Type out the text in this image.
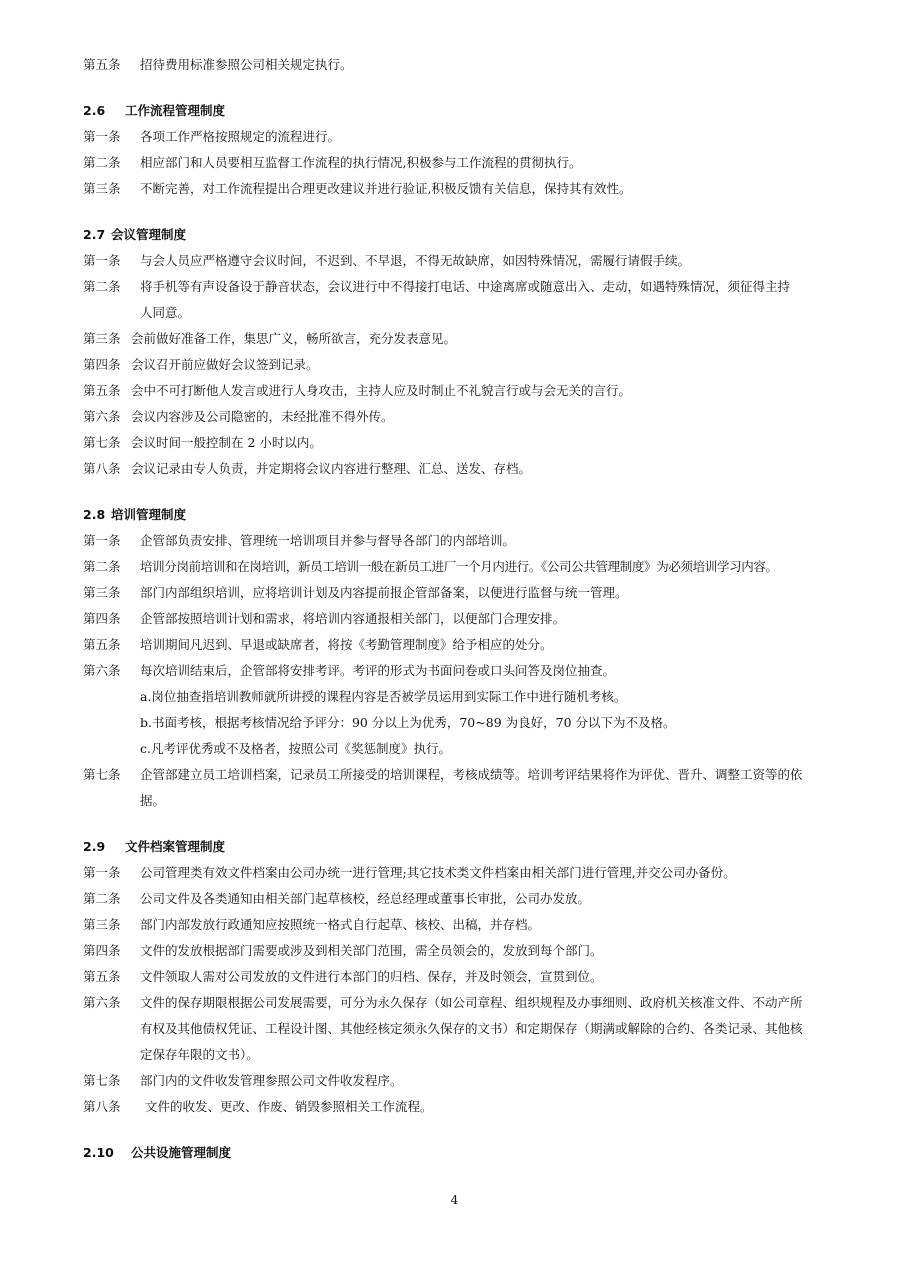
第五条	招待费用标准参照公司相关规定执行。
2.6 工作流程管理制度
第一条	各项工作严格按照规定的流程进行。
第二条	相应部门和人员要相互监督工作流程的执行情况,积极参与工作流程的贯彻执行。
第三条	不断完善，对工作流程提出合理更改建议并进行验证,积极反馈有关信息，保持其有效性。
2.7 会议管理制度
第一条	与会人员应严格遵守会议时间，不迟到、不早退，不得无故缺席，如因特殊情况，需履行请假手续。
第二条	将手机等有声设备设于静音状态，会议进行中不得接打电话、中途离席或随意出入、走动，如遇特殊情况，须征得主持
人同意。
第三条 会前做好准备工作，集思广义，畅所欲言，充分发表意见。
第四条 会议召开前应做好会议签到记录。
第五条 会中不可打断他人发言或进行人身攻击，主持人应及时制止不礼貌言行或与会无关的言行。
第六条 会议内容涉及公司隐密的，未经批准不得外传。
第七条 会议时间一般控制在 2 小时以内。
第八条 会议记录由专人负责，并定期将会议内容进行整理、汇总、送发、存档。
2.8 培训管理制度
第一条	企管部负责安排、管理统一培训项目并参与督导各部门的内部培训。
第二条	培训分岗前培训和在岗培训，新员工培训一般在新员工进厂一个月内进行。《公司公共管理制度》为必须培训学习内容。
第三条	部门内部组织培训，应将培训计划及内容提前报企管部备案，以便进行监督与统一管理。
第四条	企管部按照培训计划和需求，将培训内容通报相关部门，以便部门合理安排。
第五条	培训期间凡迟到、早退或缺席者，将按《考勤管理制度》给予相应的处分。
第六条	每次培训结束后，企管部将安排考评。考评的形式为书面问卷或口头问答及岗位抽查。
a.岗位抽查指培训教师就所讲授的课程内容是否被学员运用到实际工作中进行随机考核。
b.书面考核，根据考核情况给予评分：90 分以上为优秀，70~89 为良好，70 分以下为不及格。
c.凡考评优秀或不及格者，按照公司《奖惩制度》执行。
第七条	企管部建立员工培训档案，记录员工所接受的培训课程，考核成绩等。培训考评结果将作为评优、晋升、调整工资等的依
据。
2.9 文件档案管理制度
第一条	公司管理类有效文件档案由公司办统一进行管理;其它技术类文件档案由相关部门进行管理,并交公司办备份。
第二条	公司文件及各类通知由相关部门起草核校，经总经理或董事长审批，公司办发放。
第三条	部门内部发放行政通知应按照统一格式自行起草、核校、出稿，并存档。
第四条	文件的发放根据部门需要或涉及到相关部门范围，需全员领会的，发放到每个部门。
第五条	文件领取人需对公司发放的文件进行本部门的归档、保存，并及时领会，宣贯到位。
第六条	文件的保存期限根据公司发展需要，可分为永久保存（如公司章程、组织规程及办事细则、政府机关核准文件、不动产所
有权及其他债权凭证、工程设计图、其他经核定须永久保存的文书）和定期保存（期满或解除的合约、各类记录、其他核
定保存年限的文书）。
第七条	部门内的文件收发管理参照公司文件收发程序。
第八条	文件的收发、更改、作废、销毁参照相关工作流程。
2.10 公共设施管理制度
4
